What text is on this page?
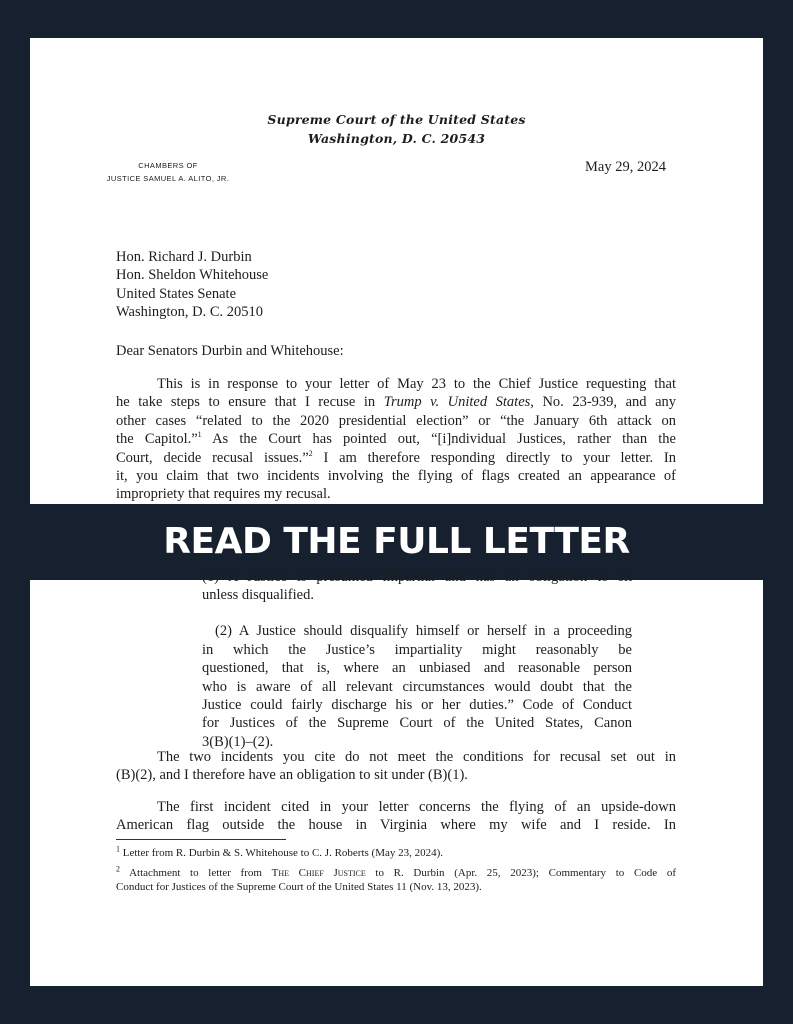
Supreme Court of the United States
Washington, D. C. 20543
CHAMBERS OF
JUSTICE SAMUEL A. ALITO, JR.
May 29, 2024
Hon. Richard J. Durbin
Hon. Sheldon Whitehouse
United States Senate
Washington, D. C. 20510
Dear Senators Durbin and Whitehouse:
This is in response to your letter of May 23 to the Chief Justice requesting that
he take steps to ensure that I recuse in Trump v. United States, No. 23-939, and any
other cases “related to the 2020 presidential election” or “the January 6th attack on
the Capitol.”$^1$ As the Court has pointed out, “[i]ndividual Justices, rather than the
Court, decide recusal issues.”$^2$ I am therefore responding directly to your letter. In
it, you claim that two incidents involving the flying of flags created an appearance of
impropriety that requires my recusal.
READ THE FULL LETTER
(1) A Justice is presumed impartial and has an obligation to sit
unless disqualified.
(2) A Justice should disqualify himself or herself in a proceeding
in which the Justice’s impartiality might reasonably be
questioned, that is, where an unbiased and reasonable person
who is aware of all relevant circumstances would doubt that the
Justice could fairly discharge his or her duties.” Code of Conduct
for Justices of the Supreme Court of the United States, Canon
3(B)(1)–(2).
The two incidents you cite do not meet the conditions for recusal set out in
(B)(2), and I therefore have an obligation to sit under (B)(1).
The first incident cited in your letter concerns the flying of an upside-down
American flag outside the house in Virginia where my wife and I reside. In
$^1$ Letter from R. Durbin & S. Whitehouse to C. J. Roberts (May 23, 2024).
$^2$ Attachment to letter from The Chief Justice to R. Durbin (Apr. 25, 2023); Commentary to Code of
Conduct for Justices of the Supreme Court of the United States 11 (Nov. 13, 2023).
